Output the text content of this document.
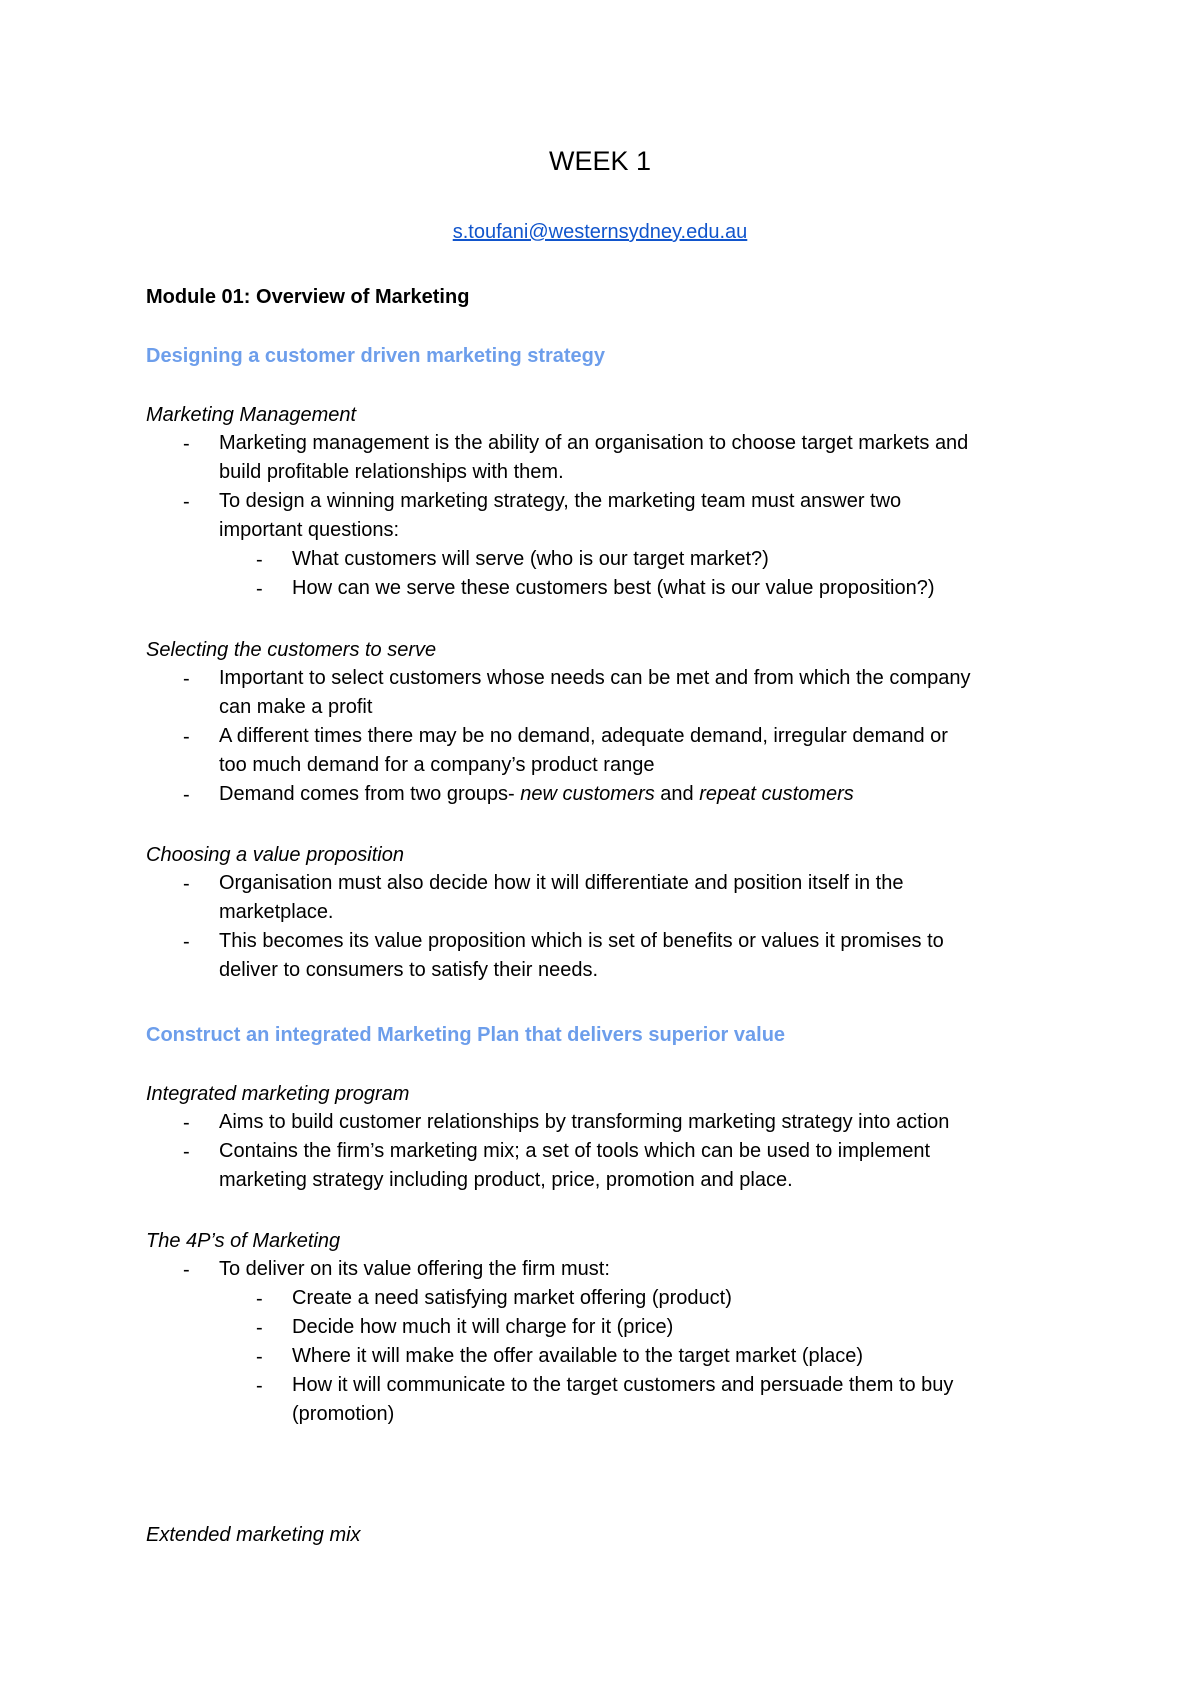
WEEK 1
s.toufani@westernsydney.edu.au
Module 01: Overview of Marketing
Designing a customer driven marketing strategy
Marketing Management
- Marketing management is the ability of an organisation to choose target markets and
build profitable relationships with them.
- To design a winning marketing strategy, the marketing team must answer two
important questions:
- What customers will serve (who is our target market?)
- How can we serve these customers best (what is our value proposition?)
Selecting the customers to serve
- Important to select customers whose needs can be met and from which the company
can make a profit
- A different times there may be no demand, adequate demand, irregular demand or
too much demand for a company’s product range
- Demand comes from two groups- new customers and repeat customers
Choosing a value proposition
- Organisation must also decide how it will differentiate and position itself in the
marketplace.
- This becomes its value proposition which is set of benefits or values it promises to
deliver to consumers to satisfy their needs.
Construct an integrated Marketing Plan that delivers superior value
Integrated marketing program
- Aims to build customer relationships by transforming marketing strategy into action
- Contains the firm’s marketing mix; a set of tools which can be used to implement
marketing strategy including product, price, promotion and place.
The 4P’s of Marketing
- To deliver on its value offering the firm must:
- Create a need satisfying market offering (product)
- Decide how much it will charge for it (price)
- Where it will make the offer available to the target market (place)
- How it will communicate to the target customers and persuade them to buy
(promotion)
Extended marketing mix
